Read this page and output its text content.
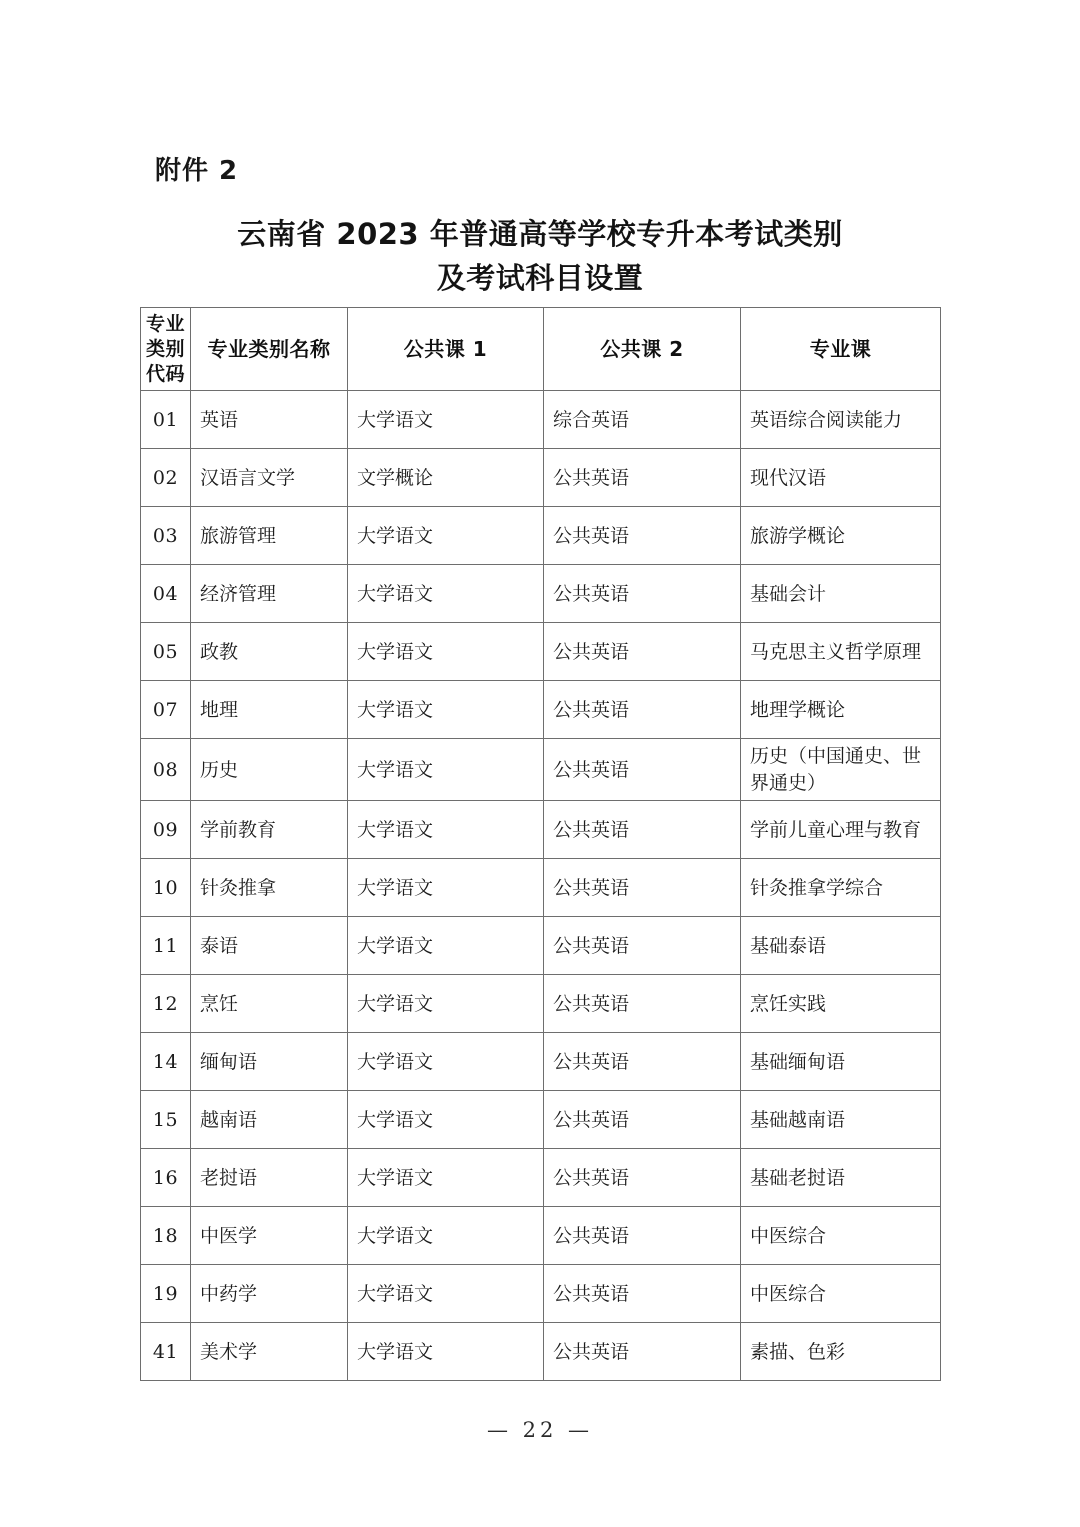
附件 2
云南省 2023 年普通高等学校专升本考试类别
及考试科目设置
专业
类别
代码	专业类别名称	公共课 1	公共课 2	专业课
01	英语	大学语文	综合英语	英语综合阅读能力
02	汉语言文学	文学概论	公共英语	现代汉语
03	旅游管理	大学语文	公共英语	旅游学概论
04	经济管理	大学语文	公共英语	基础会计
05	政教	大学语文	公共英语	马克思主义哲学原理
07	地理	大学语文	公共英语	地理学概论
08	历史	大学语文	公共英语	历史（中国通史、世界通史）
09	学前教育	大学语文	公共英语	学前儿童心理与教育
10	针灸推拿	大学语文	公共英语	针灸推拿学综合
11	泰语	大学语文	公共英语	基础泰语
12	烹饪	大学语文	公共英语	烹饪实践
14	缅甸语	大学语文	公共英语	基础缅甸语
15	越南语	大学语文	公共英语	基础越南语
16	老挝语	大学语文	公共英语	基础老挝语
18	中医学	大学语文	公共英语	中医综合
19	中药学	大学语文	公共英语	中医综合
41	美术学	大学语文	公共英语	素描、色彩
— 22 —
